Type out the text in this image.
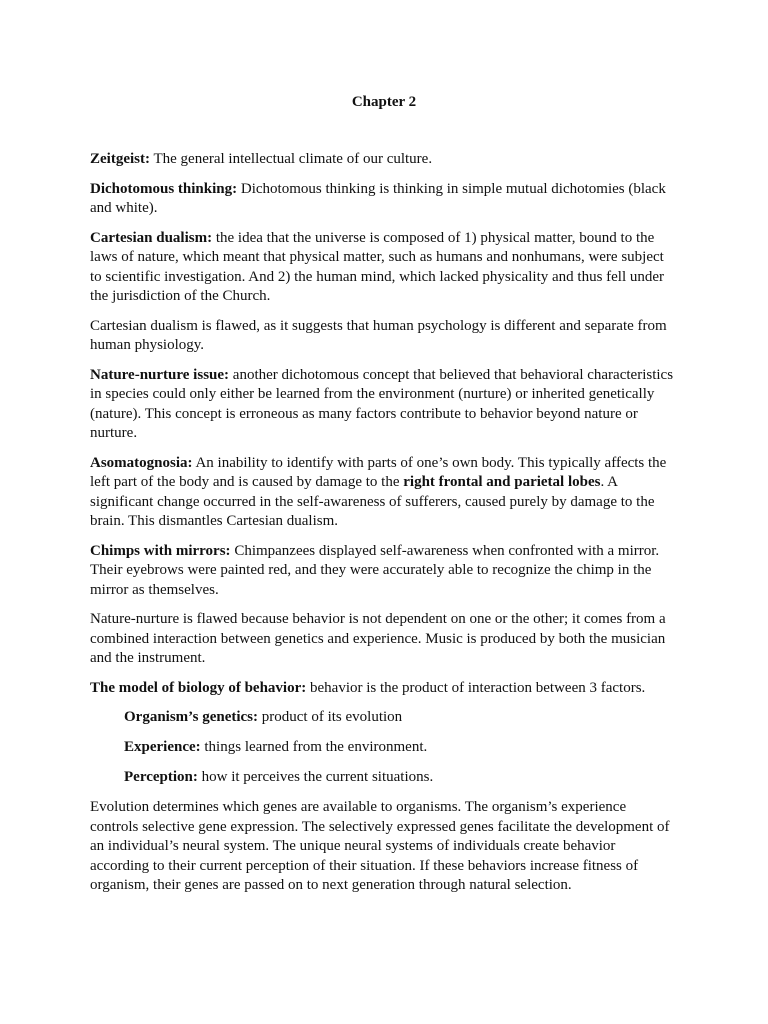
Chapter 2

Zeitgeist: The general intellectual climate of our culture.

Dichotomous thinking: Dichotomous thinking is thinking in simple mutual dichotomies (black and white).

Cartesian dualism: the idea that the universe is composed of 1) physical matter, bound to the laws of nature, which meant that physical matter, such as humans and nonhumans, were subject to scientific investigation. And 2) the human mind, which lacked physicality and thus fell under the jurisdiction of the Church.

Cartesian dualism is flawed, as it suggests that human psychology is different and separate from human physiology.

Nature-nurture issue: another dichotomous concept that believed that behavioral characteristics in species could only either be learned from the environment (nurture) or inherited genetically (nature). This concept is erroneous as many factors contribute to behavior beyond nature or nurture.

Asomatognosia: An inability to identify with parts of one’s own body. This typically affects the left part of the body and is caused by damage to the right frontal and parietal lobes. A significant change occurred in the self-awareness of sufferers, caused purely by damage to the brain. This dismantles Cartesian dualism.

Chimps with mirrors: Chimpanzees displayed self-awareness when confronted with a mirror. Their eyebrows were painted red, and they were accurately able to recognize the chimp in the mirror as themselves.

Nature-nurture is flawed because behavior is not dependent on one or the other; it comes from a combined interaction between genetics and experience. Music is produced by both the musician and the instrument.

The model of biology of behavior: behavior is the product of interaction between 3 factors.

Organism’s genetics: product of its evolution

Experience: things learned from the environment.

Perception: how it perceives the current situations.

Evolution determines which genes are available to organisms. The organism’s experience controls selective gene expression. The selectively expressed genes facilitate the development of an individual’s neural system. The unique neural systems of individuals create behavior according to their current perception of their situation. If these behaviors increase fitness of organism, their genes are passed on to next generation through natural selection.
